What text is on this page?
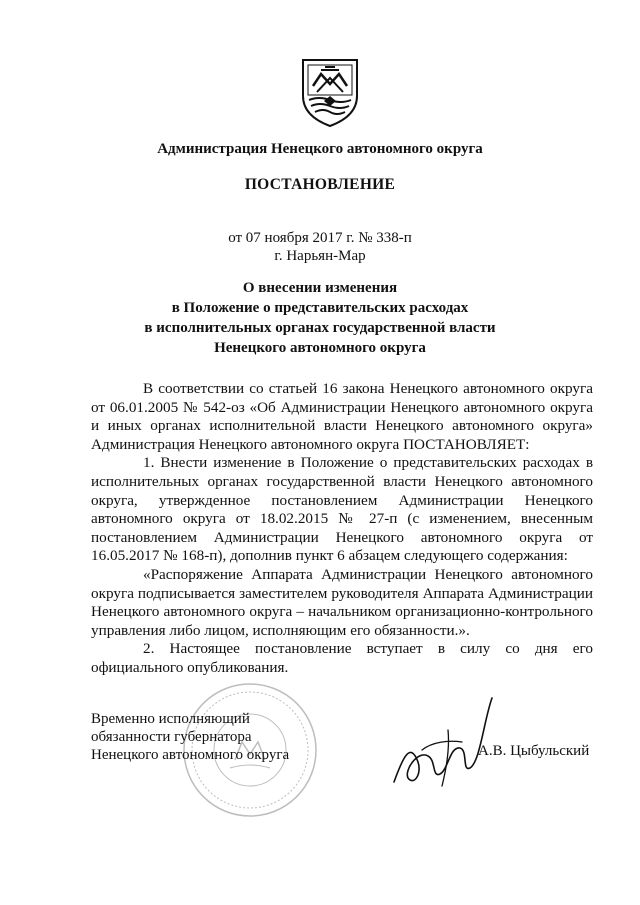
Администрация Ненецкого автономного округа
ПОСТАНОВЛЕНИЕ
от 07 ноября 2017 г. № 338-п
г. Нарьян-Мар
О внесении изменения
в Положение о представительских расходах
в исполнительных органах государственной власти
Ненецкого автономного округа

В соответствии со статьей 16 закона Ненецкого автономного округа от 06.01.2005 № 542-оз «Об Администрации Ненецкого автономного округа и иных органах исполнительной власти Ненецкого автономного округа» Администрация Ненецкого автономного округа ПОСТАНОВЛЯЕТ:

1. Внести изменение в Положение о представительских расходах в исполнительных органах государственной власти Ненецкого автономного округа, утвержденное постановлением Администрации Ненецкого автономного округа от 18.02.2015 № 27-п (с изменением, внесенным постановлением Администрации Ненецкого автономного округа от 16.05.2017 № 168-п), дополнив пункт 6 абзацем следующего содержания:

«Распоряжение Аппарата Администрации Ненецкого автономного округа подписывается заместителем руководителя Аппарата Администрации Ненецкого автономного округа – начальником организационно-контрольного управления либо лицом, исполняющим его обязанности.».

2. Настоящее постановление вступает в силу со дня его официального опубликования.

Временно исполняющий
обязанности губернатора
Ненецкого автономного округа	А.В. Цыбульский
